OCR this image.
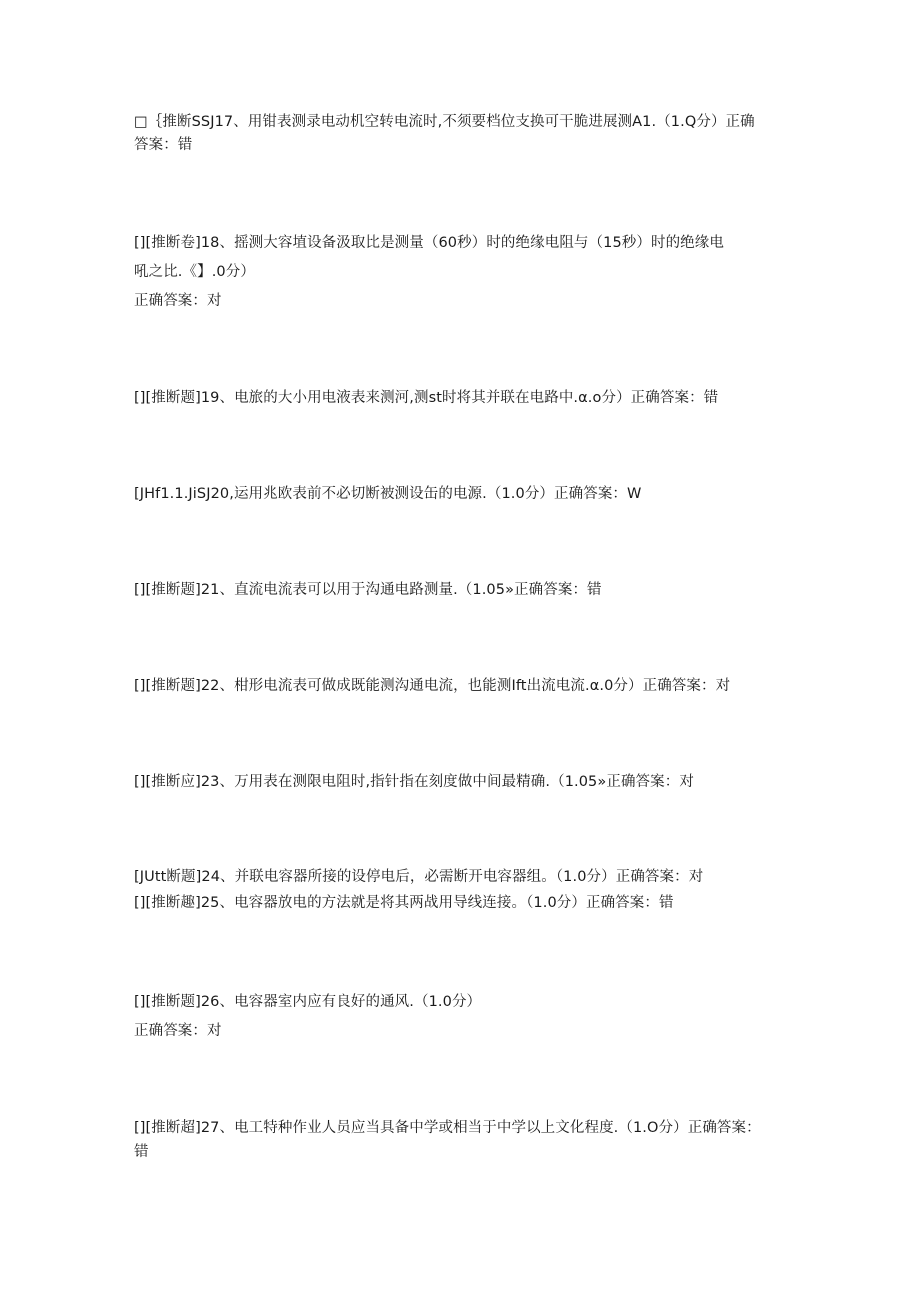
□｛推断SSJ17、用钳表测录电动机空转电流时,不须要档位支换可干脆进展测A1.（1.Q分）正确
答案：错
[][推断卷]18、摇测大容埴设备汲取比是测量（60秒）时的绝缘电阻与（15秒）时的绝缘电
吼之比.《】.0分）
正确答案：对
[][推断题]19、电旅的大小用电液表来测河,测st时将其并联在电路中.α.o分）正确答案：错
[JHf1.1.JiSJ20,运用兆欧表前不必切断被测设缶的电源.（1.0分）正确答案：W
[][推断题]21、直流电流表可以用于沟通电路测量.（1.05»正确答案：错
[][推断题]22、柑形电流表可做成既能测沟通电流，也能测Ift出流电流.α.0分）正确答案：对
[][推断应]23、万用表在测限电阻时,指针指在刻度做中间最精确.（1.05»正确答案：对
[JUtt断题]24、并联电容器所接的设停电后，必需断开电容器组。（1.0分）正确答案：对
[][推断趣]25、电容器放电的方法就是将其两战用导线连接。（1.0分）正确答案：错
[][推断题]26、电容器室内应有良好的通风.（1.0分）
正确答案：对
[][推断超]27、电工特种作业人员应当具备中学或相当于中学以上文化程度.（1.O分）正确答案：
错
